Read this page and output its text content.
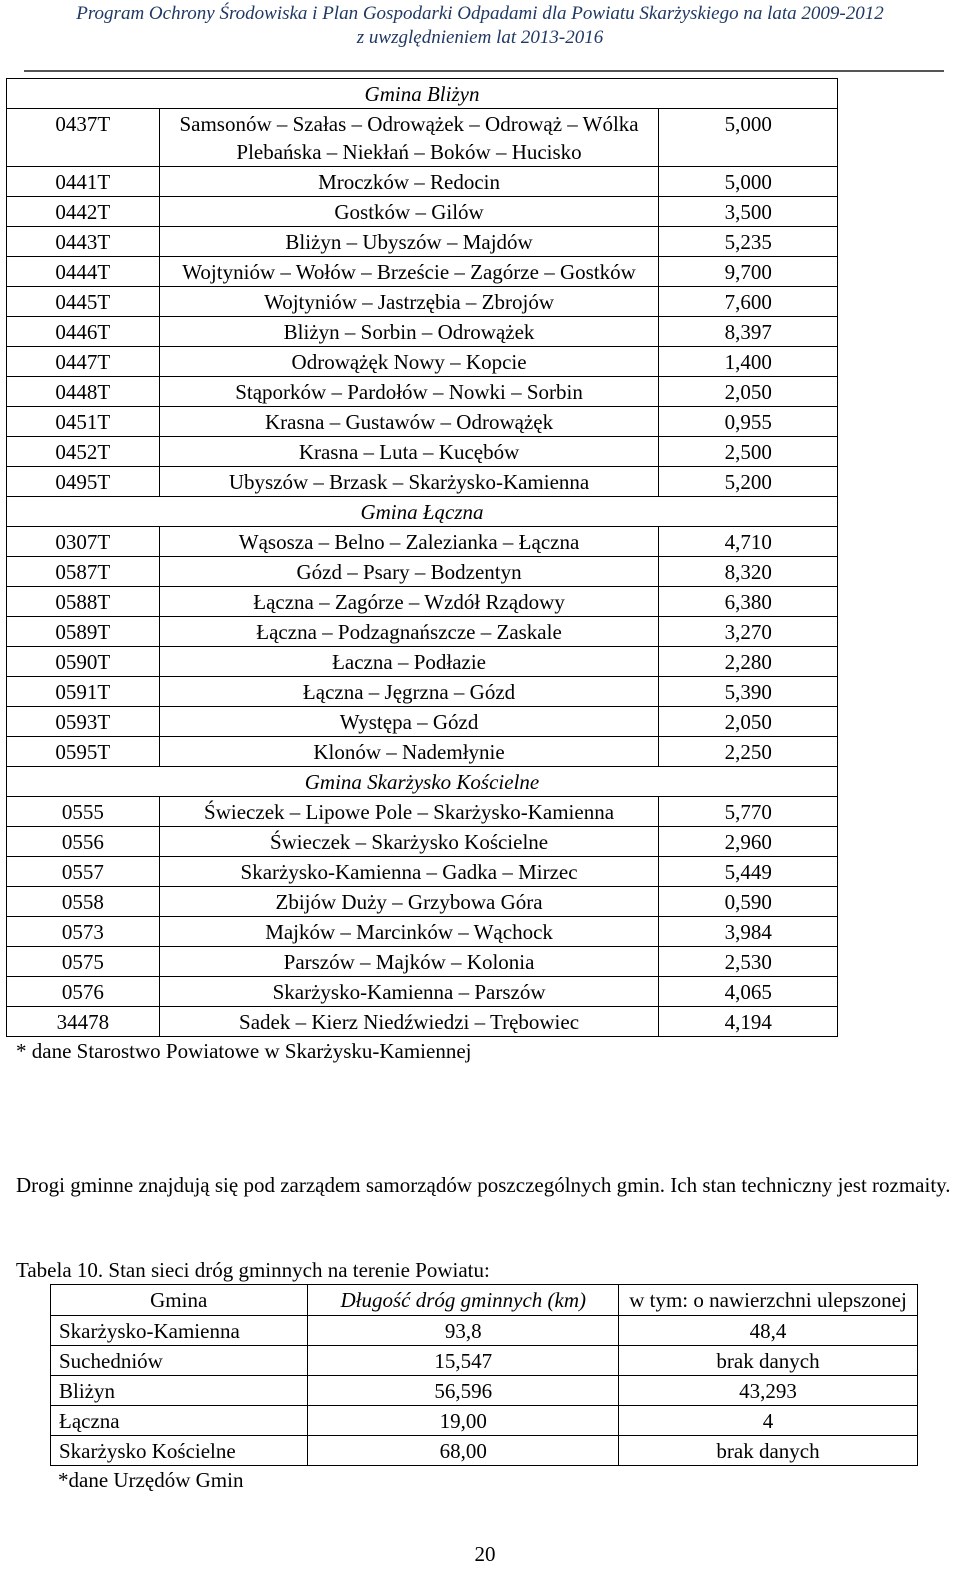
Program Ochrony Środowiska i Plan Gospodarki Odpadami dla Powiatu Skarżyskiego na lata 2009-2012
z uwzględnieniem lat 2013-2016
Gmina Bliżyn		
0437T	Samsonów – Szałas – Odrowążek – Odrowąż – Wólka Plebańska – Niekłań – Boków – Hucisko	5,000
0441T	Mroczków – Redocin	5,000
0442T	Gostków – Gilów	3,500
0443T	Bliżyn – Ubyszów – Majdów	5,235
0444T	Wojtyniów – Wołów – Brzeście – Zagórze – Gostków	9,700
0445T	Wojtyniów – Jastrzębia – Zbrojów	7,600
0446T	Bliżyn – Sorbin – Odrowążek	8,397
0447T	Odrowążęk Nowy – Kopcie	1,400
0448T	Stąporków – Pardołów – Nowki – Sorbin	2,050
0451T	Krasna – Gustawów – Odrowążęk	0,955
0452T	Krasna – Luta – Kucębów	2,500
0495T	Ubyszów – Brzask – Skarżysko-Kamienna	5,200
Gmina Łączna		
0307T	Wąsosza – Belno – Zalezianka – Łączna	4,710
0587T	Gózd – Psary – Bodzentyn	8,320
0588T	Łączna – Zagórze – Wzdół Rządowy	6,380
0589T	Łączna – Podzagnańszcze – Zaskale	3,270
0590T	Łaczna – Podłazie	2,280
0591T	Łączna – Jęgrzna – Gózd	5,390
0593T	Występa – Gózd	2,050
0595T	Klonów – Nademłynie	2,250
Gmina Skarżysko Kościelne		
0555	Świeczek – Lipowe Pole – Skarżysko-Kamienna	5,770
0556	Świeczek – Skarżysko Kościelne	2,960
0557	Skarżysko-Kamienna – Gadka – Mirzec	5,449
0558	Zbijów Duży – Grzybowa Góra	0,590
0573	Majków – Marcinków – Wąchock	3,984
0575	Parszów – Majków – Kolonia	2,530
0576	Skarżysko-Kamienna – Parszów	4,065
34478	Sadek – Kierz Niedźwiedzi – Trębowiec	4,194
* dane Starostwo Powiatowe w Skarżysku-Kamiennej
Drogi gminne znajdują się pod zarządem samorządów poszczególnych gmin. Ich stan techniczny jest rozmaity.
Tabela 10. Stan sieci dróg gminnych na terenie Powiatu:
Gmina	Długość dróg gminnych (km)	w tym: o nawierzchni ulepszonej
Skarżysko-Kamienna	93,8	48,4
Suchedniów	15,547	brak danych
Bliżyn	56,596	43,293
Łączna	19,00	4
Skarżysko Kościelne	68,00	brak danych
*dane Urzędów Gmin
20
